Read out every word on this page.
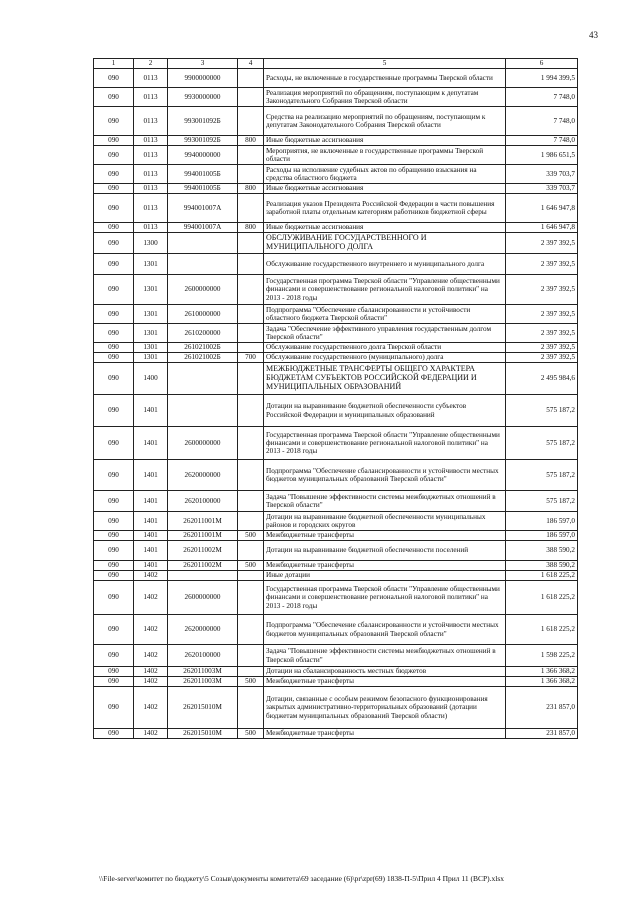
43
1	2	3	4	5	6
090	0113	9900000000		Расходы, не включенные в государственные программы Тверской области	1 994 399,5
090	0113	9930000000		Реализация мероприятий по обращениям, поступающим к депутатам Законодательного Собрания Тверской области	7 748,0
090	0113	993001092Б		Средства на реализацию мероприятий по обращениям, поступающим к депутатам Законодательного Собрания Тверской области	7 748,0
090	0113	993001092Б	800	Иные бюджетные ассигнования	7 748,0
090	0113	9940000000		Мероприятия, не включенные в государственные программы Тверской области	1 986 651,5
090	0113	994001005Б		Расходы на исполнение судебных актов по обращению взыскания на средства областного бюджета	339 703,7
090	0113	994001005Б	800	Иные бюджетные ассигнования	339 703,7
090	0113	994001007А		Реализация указов Президента Российской Федерации в части повышения заработной платы отдельным категориям работников бюджетной сферы	1 646 947,8
090	0113	994001007А	800	Иные бюджетные ассигнования	1 646 947,8
090	1300			ОБСЛУЖИВАНИЕ ГОСУДАРСТВЕННОГО И МУНИЦИПАЛЬНОГО ДОЛГА	2 397 392,5
090	1301			Обслуживание государственного внутреннего и муниципального долга	2 397 392,5
090	1301	2600000000		Государственная программа Тверской области "Управление общественными финансами и совершенствование региональной налоговой политики" на 2013 - 2018 годы	2 397 392,5
090	1301	2610000000		Подпрограмма "Обеспечение сбалансированности и устойчивости областного бюджета Тверской области"	2 397 392,5
090	1301	2610200000		Задача "Обеспечение эффективного управления государственным долгом Тверской области"	2 397 392,5
090	1301	261021002Б		Обслуживание государственного долга Тверской области	2 397 392,5
090	1301	261021002Б	700	Обслуживание государственного (муниципального) долга	2 397 392,5
090	1400			МЕЖБЮДЖЕТНЫЕ ТРАНСФЕРТЫ ОБЩЕГО ХАРАКТЕРА БЮДЖЕТАМ СУБЪЕКТОВ РОССИЙСКОЙ ФЕДЕРАЦИИ И МУНИЦИПАЛЬНЫХ ОБРАЗОВАНИЙ	2 495 984,6
090	1401			Дотации на выравнивание бюджетной обеспеченности субъектов Российской Федерации и муниципальных образований	575 187,2
090	1401	2600000000		Государственная программа Тверской области "Управление общественными финансами и совершенствование региональной налоговой политики" на 2013 - 2018 годы	575 187,2
090	1401	2620000000		Подпрограмма "Обеспечение сбалансированности и устойчивости местных бюджетов муниципальных образований Тверской области"	575 187,2
090	1401	2620100000		Задача "Повышение эффективности системы межбюджетных отношений в Тверской области"	575 187,2
090	1401	262011001М		Дотации на выравнивание бюджетной обеспеченности муниципальных районов и городских округов	186 597,0
090	1401	262011001М	500	Межбюджетные трансферты	186 597,0
090	1401	262011002М		Дотации на выравнивание бюджетной обеспеченности поселений	388 590,2
090	1401	262011002М	500	Межбюджетные трансферты	388 590,2
090	1402			Иные дотации	1 618 225,2
090	1402	2600000000		Государственная программа Тверской области "Управление общественными финансами и совершенствование региональной налоговой политики" на 2013 - 2018 годы	1 618 225,2
090	1402	2620000000		Подпрограмма "Обеспечение сбалансированности и устойчивости местных бюджетов муниципальных образований Тверской области"	1 618 225,2
090	1402	2620100000		Задача "Повышение эффективности системы межбюджетных отношений в Тверской области"	1 598 225,2
090	1402	262011003М		Дотации на сбалансированность местных бюджетов	1 366 368,2
090	1402	262011003М	500	Межбюджетные трансферты	1 366 368,2
090	1402	262015010М		Дотации, связанные с особым режимом безопасного функционирования закрытых административно-территориальных образований (дотации бюджетам муниципальных образований Тверской области)	231 857,0
090	1402	262015010М	500	Межбюджетные трансферты	231 857,0
\\File-server\комитет по бюджету\5 Созыв\документы комитета\69 заседание (6)\pr\zpr(69) 1838-П-5\Прил 4 Прил 11 (ВСР).xlsx
